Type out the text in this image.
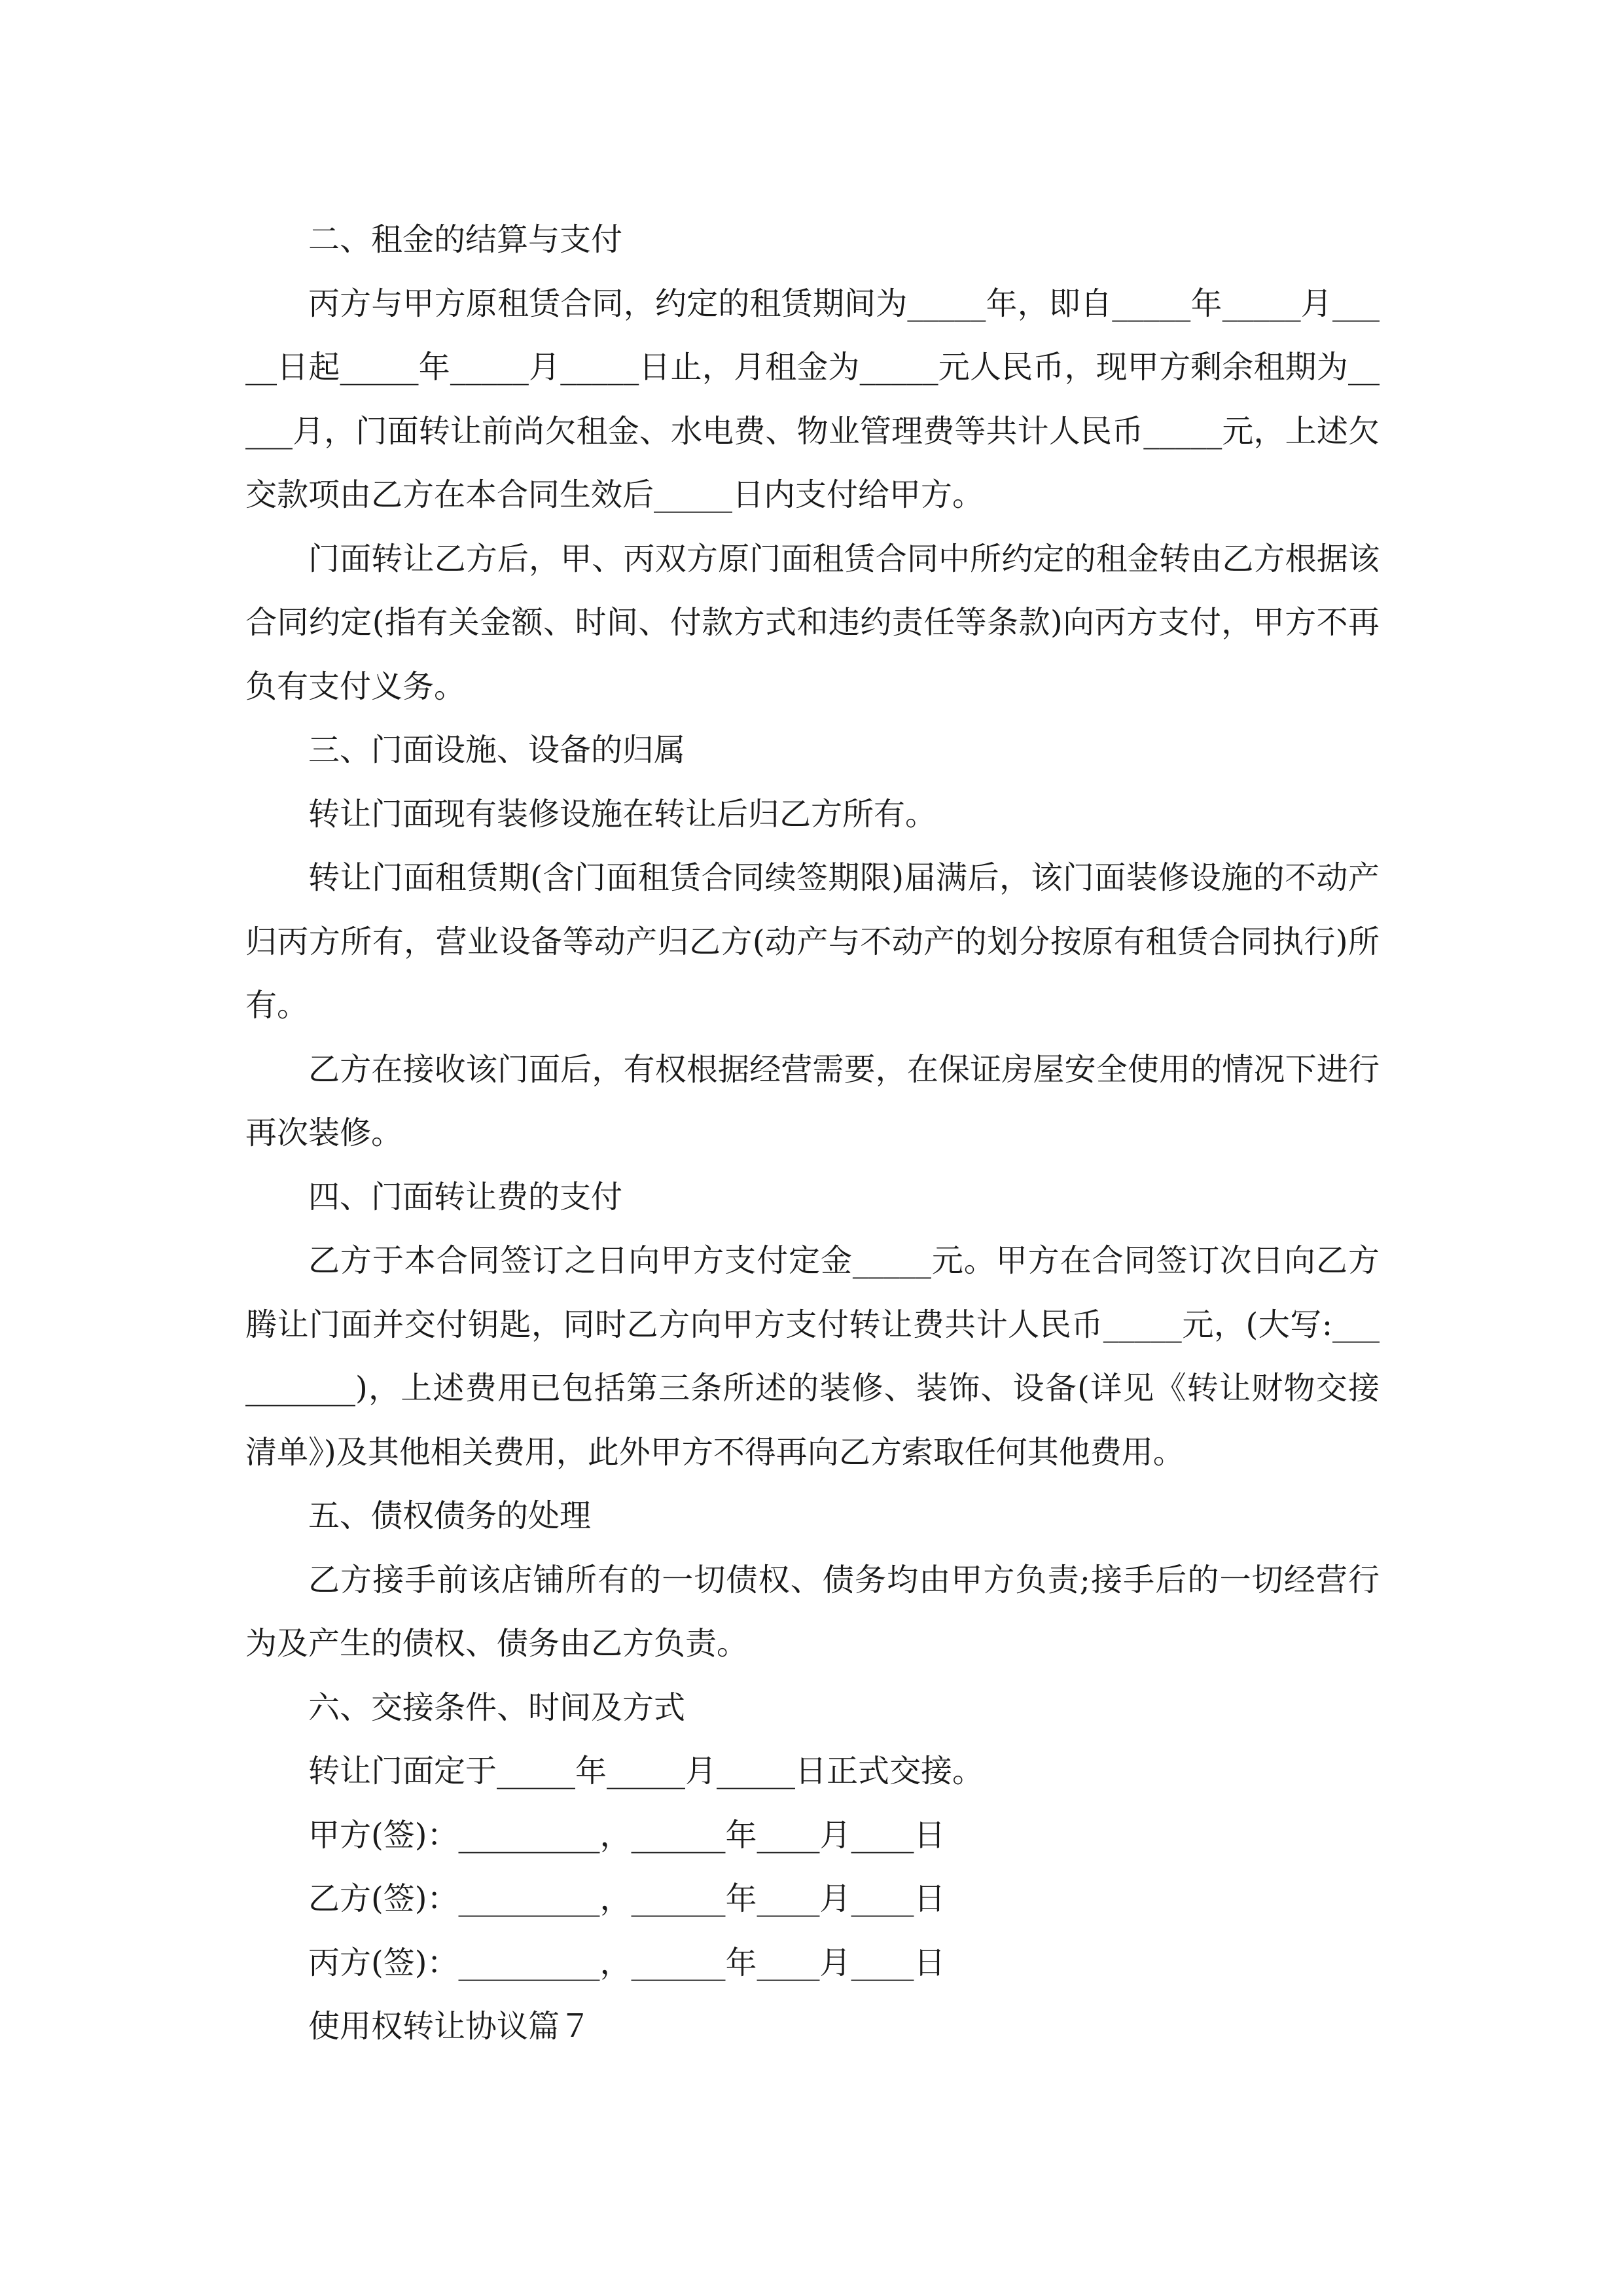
二、租金的结算与支付

丙方与甲方原租赁合同，约定的租赁期间为_____年，即自_____年_____月_____日起_____年_____月_____日止，月租金为_____元人民币，现甲方剩余租期为_____月，门面转让前尚欠租金、水电费、物业管理费等共计人民币_____元，上述欠交款项由乙方在本合同生效后_____日内支付给甲方。

门面转让乙方后，甲、丙双方原门面租赁合同中所约定的租金转由乙方根据该合同约定(指有关金额、时间、付款方式和违约责任等条款)向丙方支付，甲方不再负有支付义务。

三、门面设施、设备的归属

转让门面现有装修设施在转让后归乙方所有。

转让门面租赁期(含门面租赁合同续签期限)届满后，该门面装修设施的不动产归丙方所有，营业设备等动产归乙方(动产与不动产的划分按原有租赁合同执行)所有。

乙方在接收该门面后，有权根据经营需要，在保证房屋安全使用的情况下进行再次装修。

四、门面转让费的支付

乙方于本合同签订之日向甲方支付定金_____元。甲方在合同签订次日向乙方腾让门面并交付钥匙，同时乙方向甲方支付转让费共计人民币_____元，(大写:__________)，上述费用已包括第三条所述的装修、装饰、设备(详见《转让财物交接清单》)及其他相关费用，此外甲方不得再向乙方索取任何其他费用。

五、债权债务的处理

乙方接手前该店铺所有的一切债权、债务均由甲方负责;接手后的一切经营行为及产生的债权、债务由乙方负责。

六、交接条件、时间及方式

转让门面定于_____年_____月_____日正式交接。

甲方(签)：_________，______年____月____日

乙方(签)：_________，______年____月____日

丙方(签)：_________，______年____月____日

使用权转让协议篇７
